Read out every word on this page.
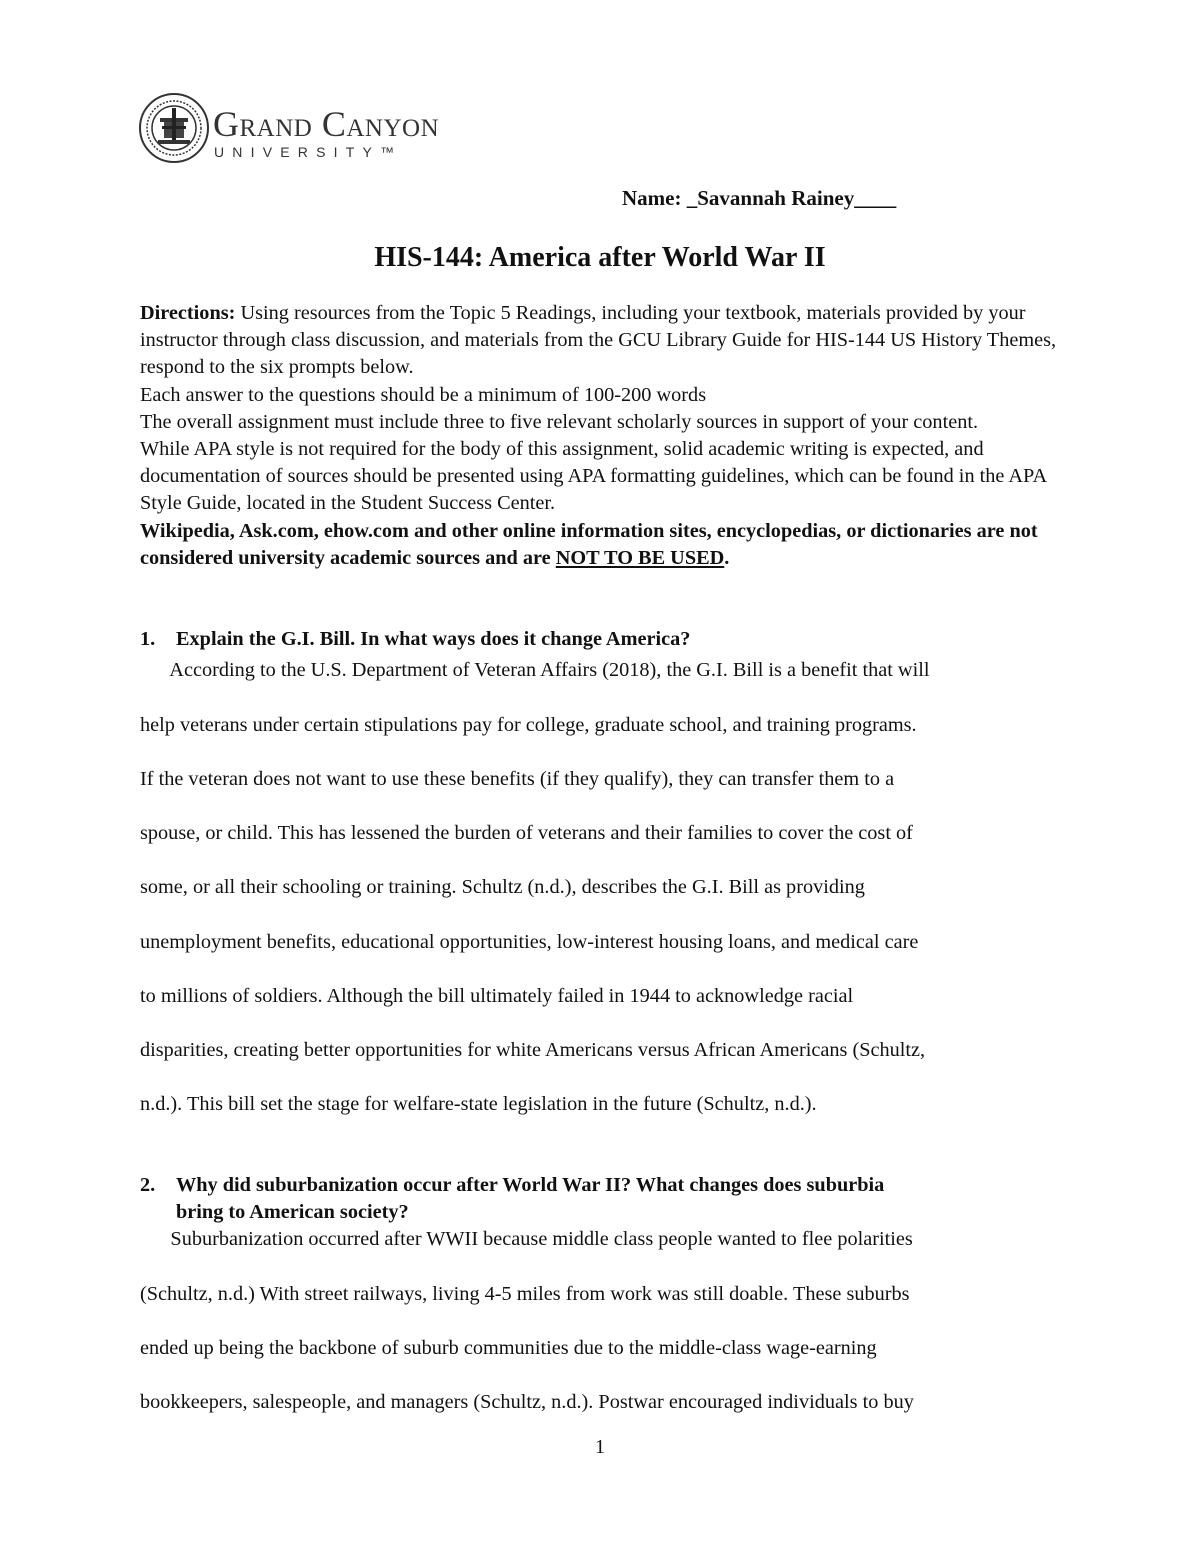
Grand Canyon
UNIVERSITY™
Name: _Savannah Rainey____
HIS-144: America after World War II

Directions: Using resources from the Topic 5 Readings, including your textbook, materials provided by your instructor through class discussion, and materials from the GCU Library Guide for HIS-144 US History Themes, respond to the six prompts below.

Each answer to the questions should be a minimum of 100-200 words

The overall assignment must include three to five relevant scholarly sources in support of your content.

While APA style is not required for the body of this assignment, solid academic writing is expected, and documentation of sources should be presented using APA formatting guidelines, which can be found in the APA Style Guide, located in the Student Success Center.

Wikipedia, Ask.com, ehow.com and other online information sites, encyclopedias, or dictionaries are not considered university academic sources and are NOT TO BE USED.

1. Explain the G.I. Bill. In what ways does it change America?
According to the U.S. Department of Veteran Affairs (2018), the G.I. Bill is a benefit that will
help veterans under certain stipulations pay for college, graduate school, and training programs.
If the veteran does not want to use these benefits (if they qualify), they can transfer them to a
spouse, or child. This has lessened the burden of veterans and their families to cover the cost of
some, or all their schooling or training. Schultz (n.d.), describes the G.I. Bill as providing
unemployment benefits, educational opportunities, low-interest housing loans, and medical care
to millions of soldiers. Although the bill ultimately failed in 1944 to acknowledge racial
disparities, creating better opportunities for white Americans versus African Americans (Schultz,
n.d.). This bill set the stage for welfare-state legislation in the future (Schultz, n.d.).
2. Why did suburbanization occur after World War II? What changes does suburbia
bring to American society?
Suburbanization occurred after WWII because middle class people wanted to flee polarities
(Schultz, n.d.) With street railways, living 4-5 miles from work was still doable. These suburbs
ended up being the backbone of suburb communities due to the middle-class wage-earning
bookkeepers, salespeople, and managers (Schultz, n.d.). Postwar encouraged individuals to buy
1
